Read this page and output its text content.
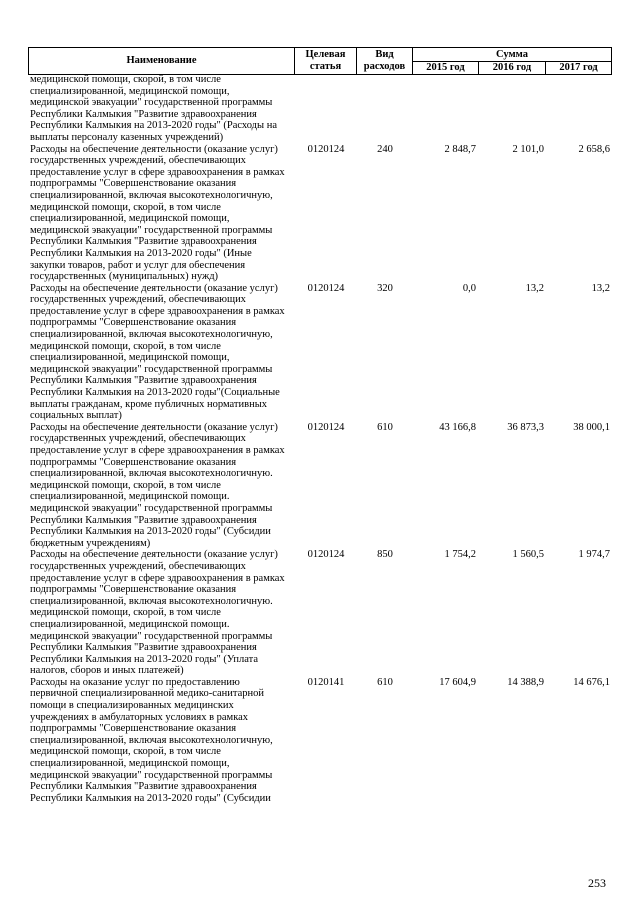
Наименование	Целевая статья	Вид расходов	Сумма		
			2015 год	2016 год	2017 год
медицинской помощи, скорой, в том числе
специализированной, медицинской помощи,
медицинской эвакуации" государственной программы
Республики Калмыкия "Развитие здравоохранения
Республики Калмыкия на 2013-2020 годы" (Расходы на
выплаты персоналу казенных учреждений)
Расходы на обеспечение деятельности (оказание услуг)
государственных учреждений, обеспечивающих
предоставление услуг в сфере здравоохранения в рамках
подпрограммы "Совершенствование оказания
специализированной, включая высокотехнологичную,
медицинской помощи, скорой, в том числе
специализированной, медицинской помощи,
медицинской эвакуации" государственной программы
Республики Калмыкия "Развитие здравоохранения
Республики Калмыкия на 2013-2020 годы" (Иные
закупки товаров, работ и услуг для обеспечения
государственных (муниципальных) нужд)
0120124	240	2 848,7	2 101,0	2 658,6
Расходы на обеспечение деятельности (оказание услуг)
государственных учреждений, обеспечивающих
предоставление услуг в сфере здравоохранения в рамках
подпрограммы "Совершенствование оказания
специализированной, включая высокотехнологичную,
медицинской помощи, скорой, в том числе
специализированной, медицинской помощи,
медицинской эвакуации" государственной программы
Республики Калмыкия "Развитие здравоохранения
Республики Калмыкия на 2013-2020 годы"(Социальные
выплаты гражданам, кроме публичных нормативных
социальных выплат)
0120124	320	0,0	13,2	13,2
Расходы на обеспечение деятельности (оказание услуг)
государственных учреждений, обеспечивающих
предоставление услуг в сфере здравоохранения в рамках
подпрограммы "Совершенствование оказания
специализированной, включая высокотехнологичную.
медицинской помощи, скорой, в том числе
специализированной, медицинской помощи.
медицинской эвакуации" государственной программы
Республики Калмыкия "Развитие здравоохранения
Республики Калмыкия на 2013-2020 годы" (Субсидии
бюджетным учреждениям)
0120124	610	43 166,8	36 873,3	38 000,1
Расходы на обеспечение деятельности (оказание услуг)
государственных учреждений, обеспечивающих
предоставление услуг в сфере здравоохранения в рамках
подпрограммы "Совершенствование оказания
специализированной, включая высокотехнологичную.
медицинской помощи, скорой, в том числе
специализированной, медицинской помощи.
медицинской эвакуации" государственной программы
Республики Калмыкия "Развитие здравоохранения
Республики Калмыкия на 2013-2020 годы" (Уплата
налогов, сборов и иных платежей)
0120124	850	1 754,2	1 560,5	1 974,7
Расходы на оказание услуг по предоставлению
первичной специализированной медико-санитарной
помощи в специализированных медицинских
учреждениях в амбулаторных условиях в рамках
подпрограммы "Совершенствование оказания
специализированной, включая высокотехнологичную,
медицинской помощи, скорой, в том числе
специализированной, медицинской помощи,
медицинской эвакуации" государственной программы
Республики Калмыкия "Развитие здравоохранения
Республики Калмыкия на 2013-2020 годы" (Субсидии
0120141	610	17 604,9	14 388,9	14 676,1
253
